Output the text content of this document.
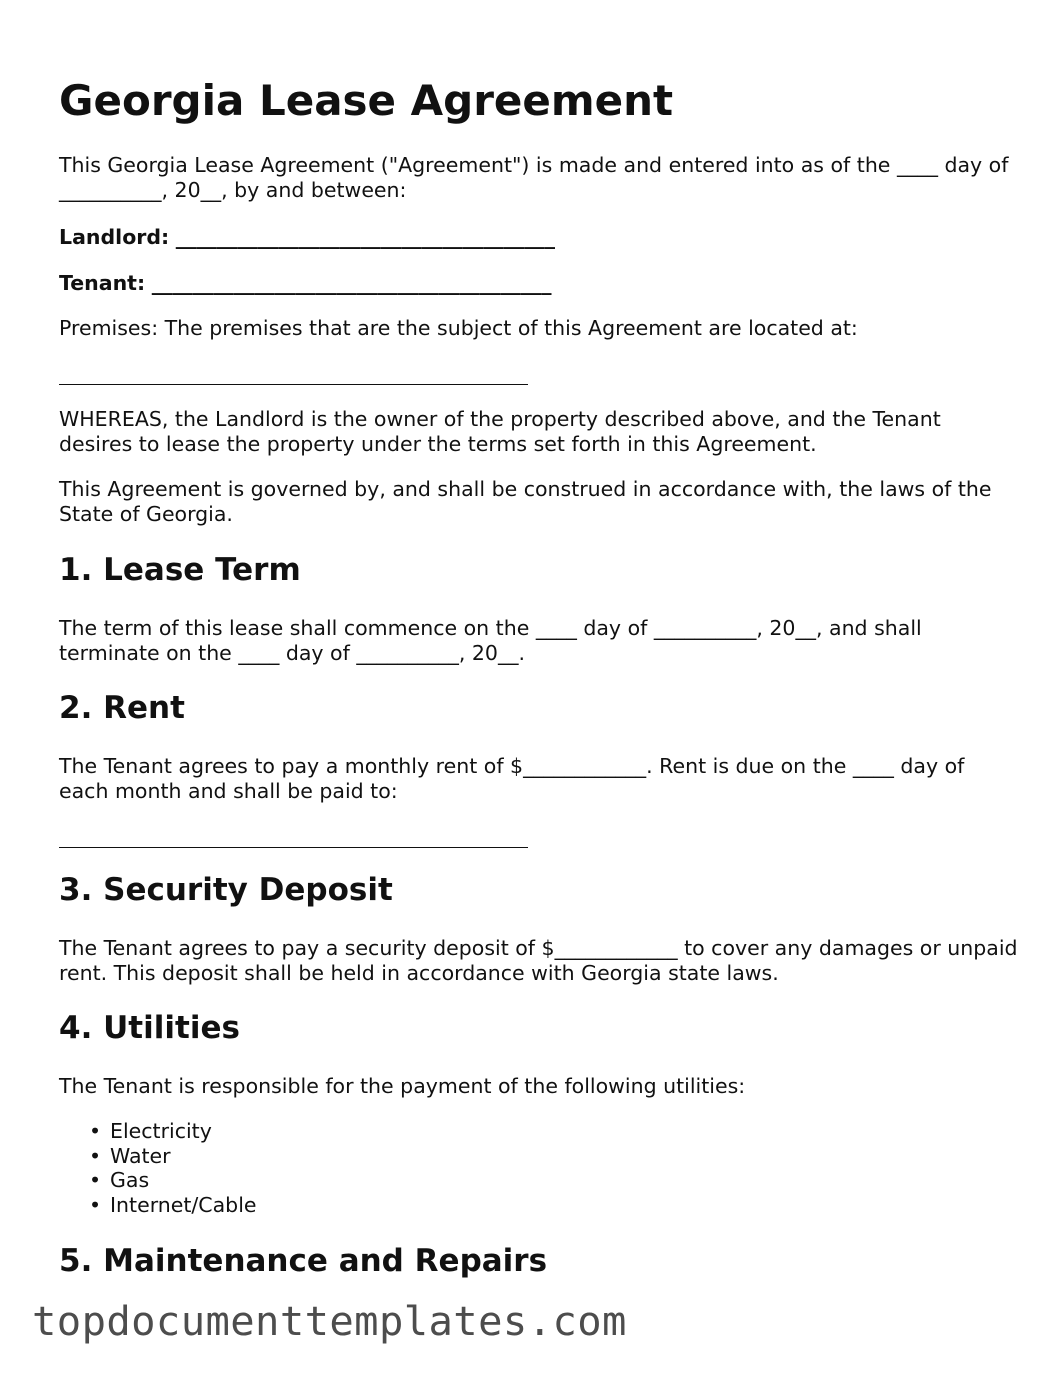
Georgia Lease Agreement

This Georgia Lease Agreement ("Agreement") is made and entered into as of the ____ day of __________, 20__, by and between:

Landlord: _____________________________________

Tenant: _______________________________________

Premises: The premises that are the subject of this Agreement are located at:

WHEREAS, the Landlord is the owner of the property described above, and the Tenant desires to lease the property under the terms set forth in this Agreement.

This Agreement is governed by, and shall be construed in accordance with, the laws of the State of Georgia.

1. Lease Term

The term of this lease shall commence on the ____ day of __________, 20__, and shall terminate on the ____ day of __________, 20__.

2. Rent

The Tenant agrees to pay a monthly rent of $____________. Rent is due on the ____ day of each month and shall be paid to:

3. Security Deposit

The Tenant agrees to pay a security deposit of $____________ to cover any damages or unpaid rent. This deposit shall be held in accordance with Georgia state laws.

4. Utilities

The Tenant is responsible for the payment of the following utilities:

• Electricity
• Water
• Gas
• Internet/Cable
5. Maintenance and Repairs
topdocumenttemplates.com
